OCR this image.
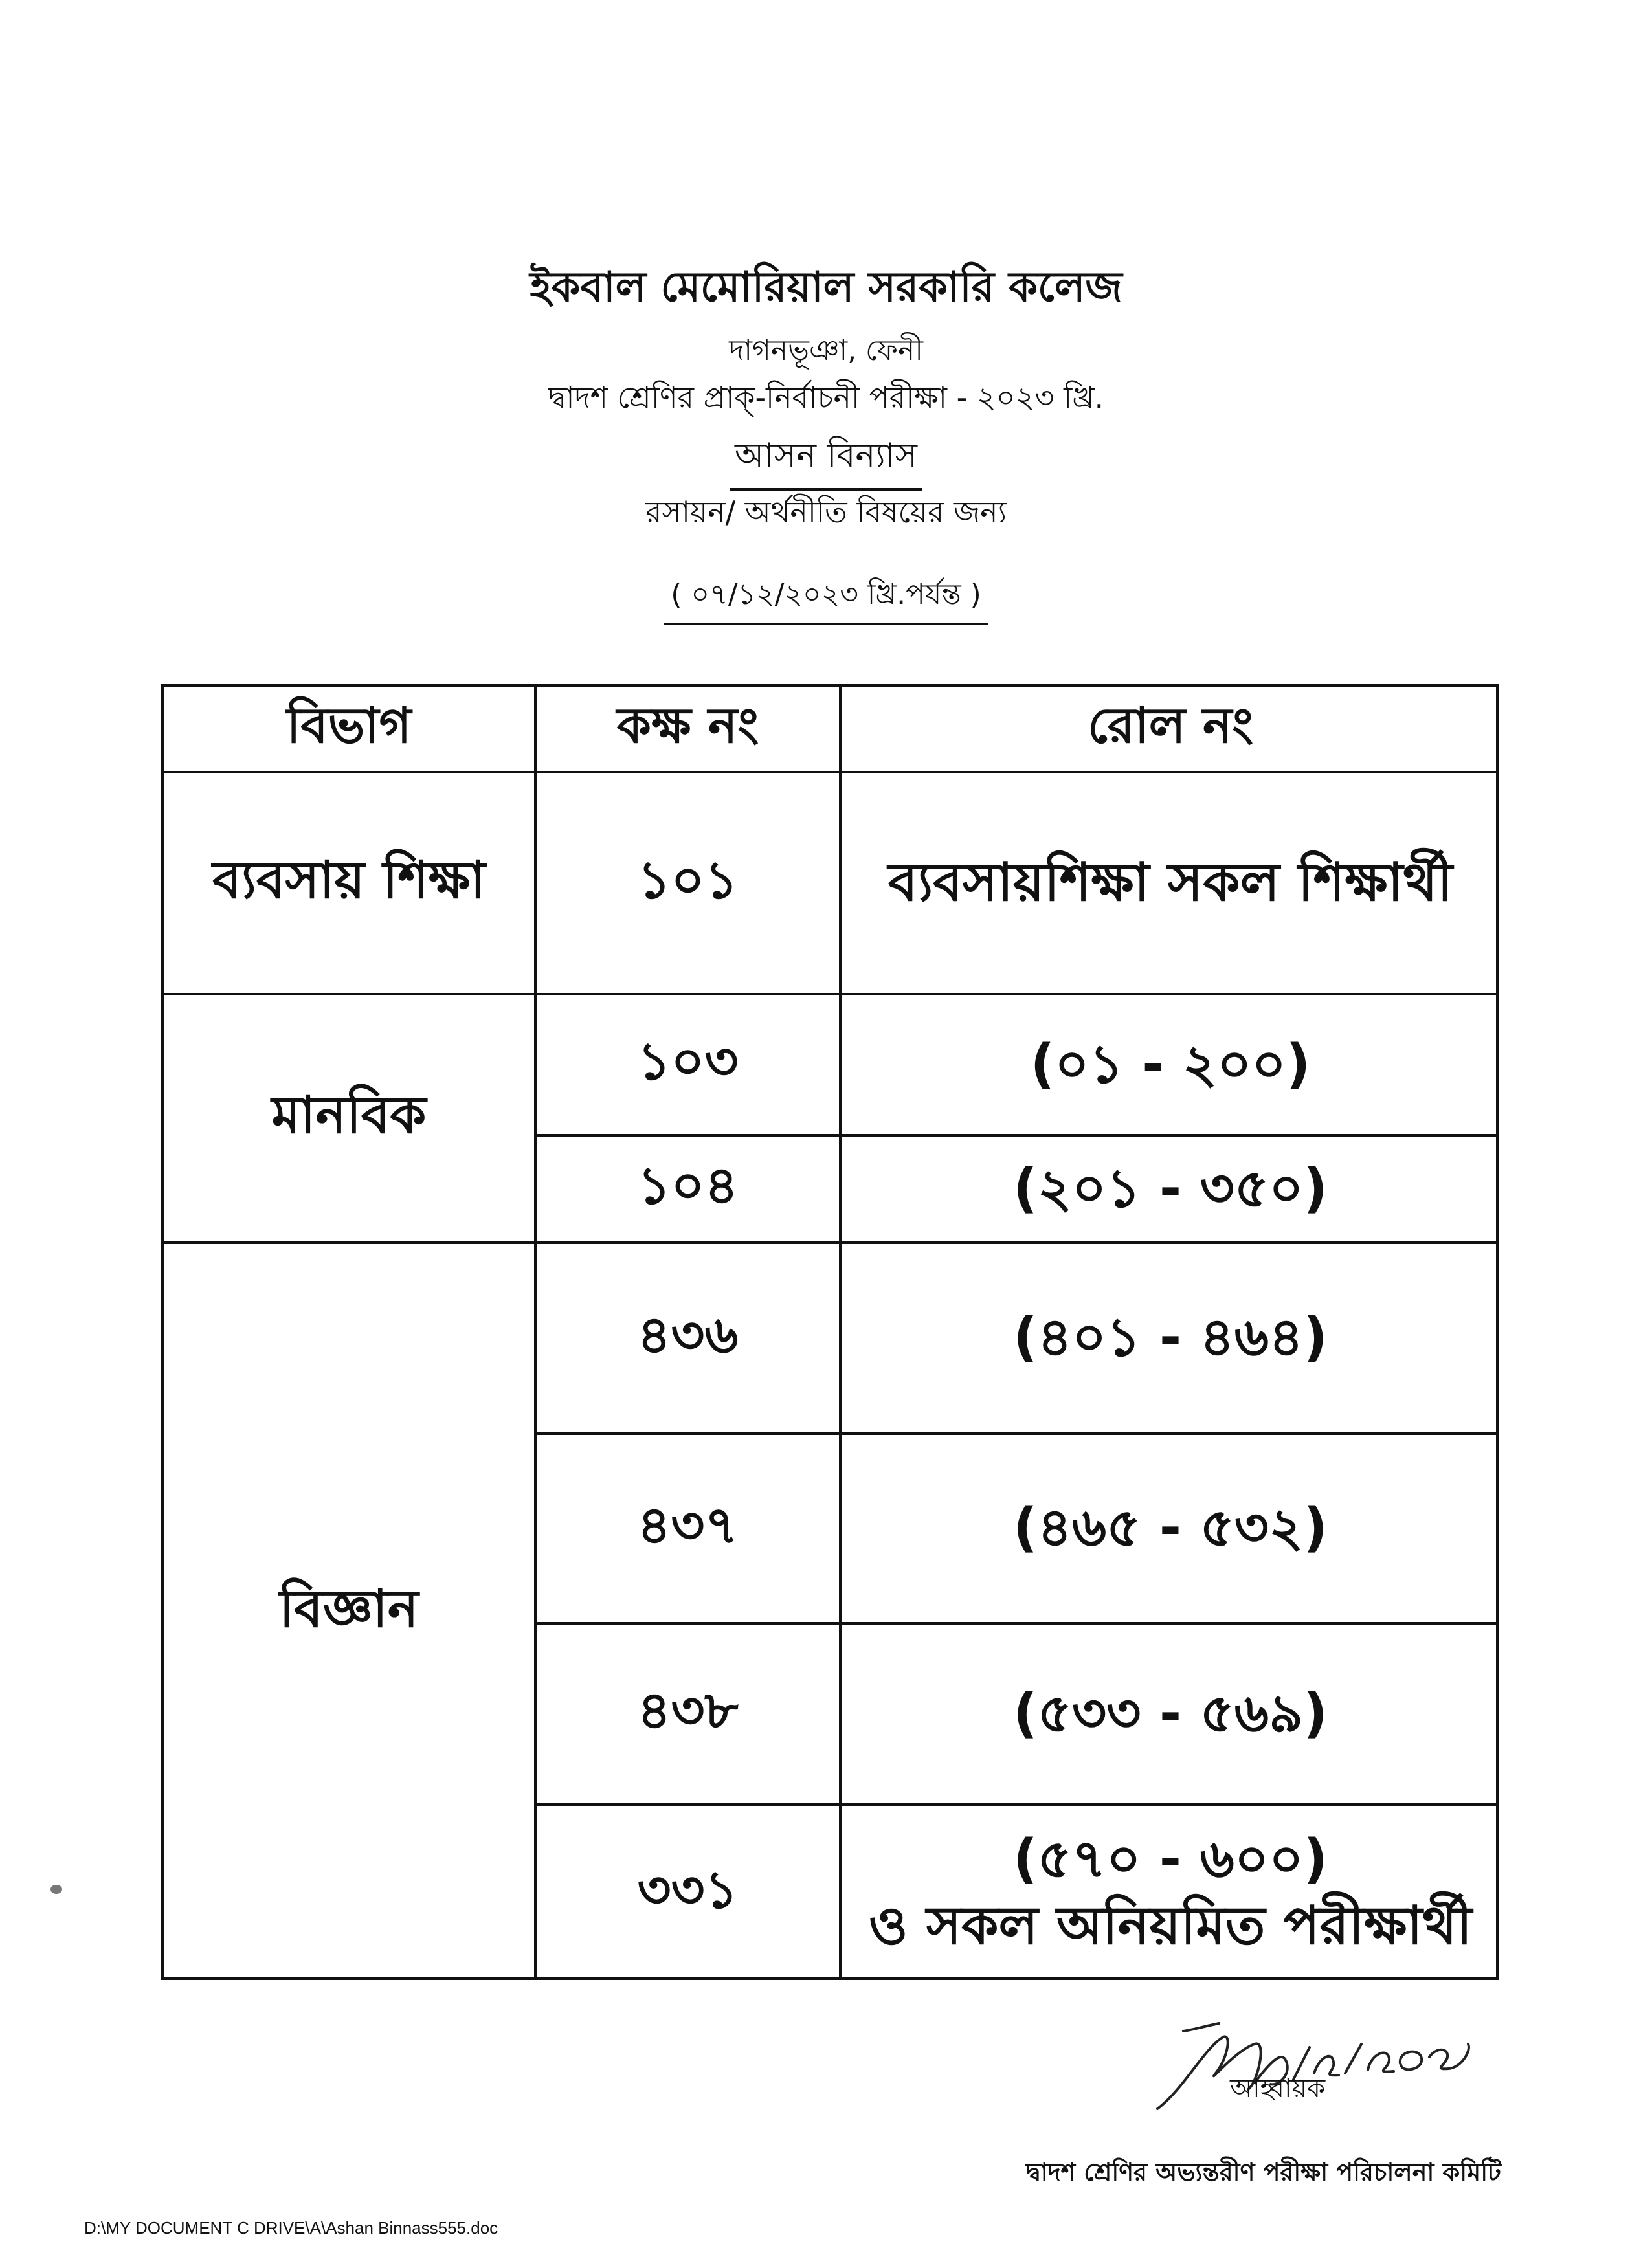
ইকবাল মেমোরিয়াল সরকারি কলেজ
দাগনভূঞা, ফেনী
দ্বাদশ শ্রেণির প্রাক্-নির্বাচনী পরীক্ষা - ২০২৩ খ্রি.
আসন বিন্যাস
রসায়ন/ অর্থনীতি বিষয়ের জন্য
( ০৭/১২/২০২৩ খ্রি.পর্যন্ত )
বিভাগ	কক্ষ নং	রোল নং
ব্যবসায় শিক্ষা	১০১	ব্যবসায়শিক্ষা সকল শিক্ষার্থী
মানবিক
১০৩	(০১ - ২০০)
১০৪	(২০১ - ৩৫০)
বিজ্ঞান
৪৩৬	(৪০১ - ৪৬৪)
৪৩৭	(৪৬৫ - ৫৩২)
৪৩৮	(৫৩৩ - ৫৬৯)
৩৩১	(৫৭০ - ৬০০)
ও সকল অনিয়মিত পরীক্ষার্থী
আহ্বায়ক
দ্বাদশ শ্রেণির অভ্যন্তরীণ পরীক্ষা পরিচালনা কমিটি
D:\MY DOCUMENT C DRIVE\A\Ashan Binnass555.doc
